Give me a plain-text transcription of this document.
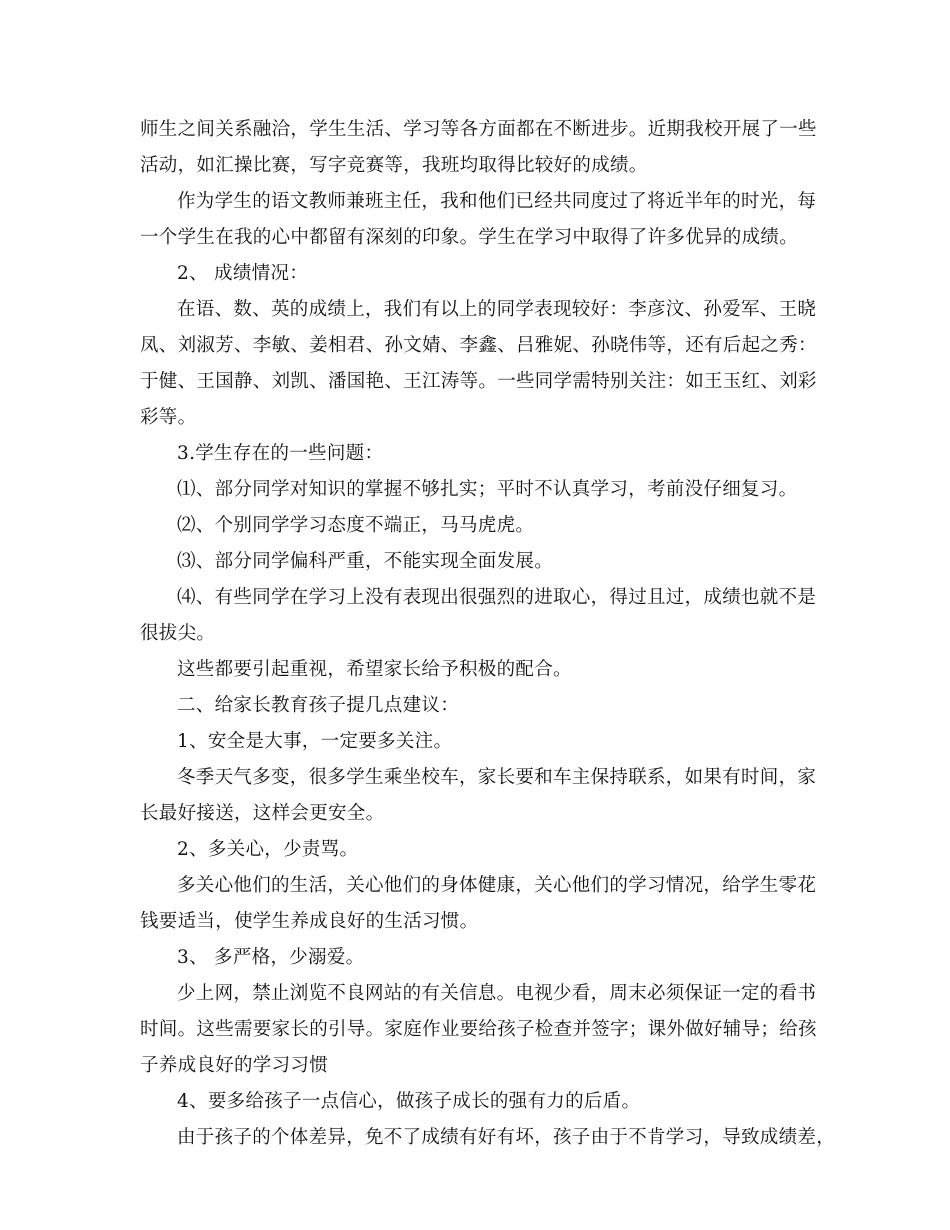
师生之间关系融洽，学生生活、学习等各方面都在不断进步。近期我校开展了一些
活动，如汇操比赛，写字竞赛等，我班均取得比较好的成绩。
作为学生的语文教师兼班主任，我和他们已经共同度过了将近半年的时光，每
一个学生在我的心中都留有深刻的印象。学生在学习中取得了许多优异的成绩。
2、 成绩情况：
在语、数、英的成绩上，我们有以上的同学表现较好：李彦汶、孙爱军、王晓
凤、刘淑芳、李敏、姜相君、孙文婧、李鑫、吕雅妮、孙晓伟等，还有后起之秀：
于健、王国静、刘凯、潘国艳、王江涛等。一些同学需特别关注：如王玉红、刘彩
彩等。
3.学生存在的一些问题：
⑴、部分同学对知识的掌握不够扎实；平时不认真学习，考前没仔细复习。
⑵、个别同学学习态度不端正，马马虎虎。
⑶、部分同学偏科严重，不能实现全面发展。
⑷、有些同学在学习上没有表现出很强烈的进取心，得过且过，成绩也就不是
很拔尖。
这些都要引起重视，希望家长给予积极的配合。
二、给家长教育孩子提几点建议：
1、安全是大事，一定要多关注。
冬季天气多变，很多学生乘坐校车，家长要和车主保持联系，如果有时间，家
长最好接送，这样会更安全。
2、多关心，少责骂。
多关心他们的生活，关心他们的身体健康，关心他们的学习情况，给学生零花
钱要适当，使学生养成良好的生活习惯。
3、 多严格，少溺爱。
少上网，禁止浏览不良网站的有关信息。电视少看，周末必须保证一定的看书
时间。这些需要家长的引导。家庭作业要给孩子检查并签字；课外做好辅导；给孩
子养成良好的学习习惯
4、要多给孩子一点信心，做孩子成长的强有力的后盾。
由于孩子的个体差异，免不了成绩有好有坏，孩子由于不肯学习，导致成绩差，
